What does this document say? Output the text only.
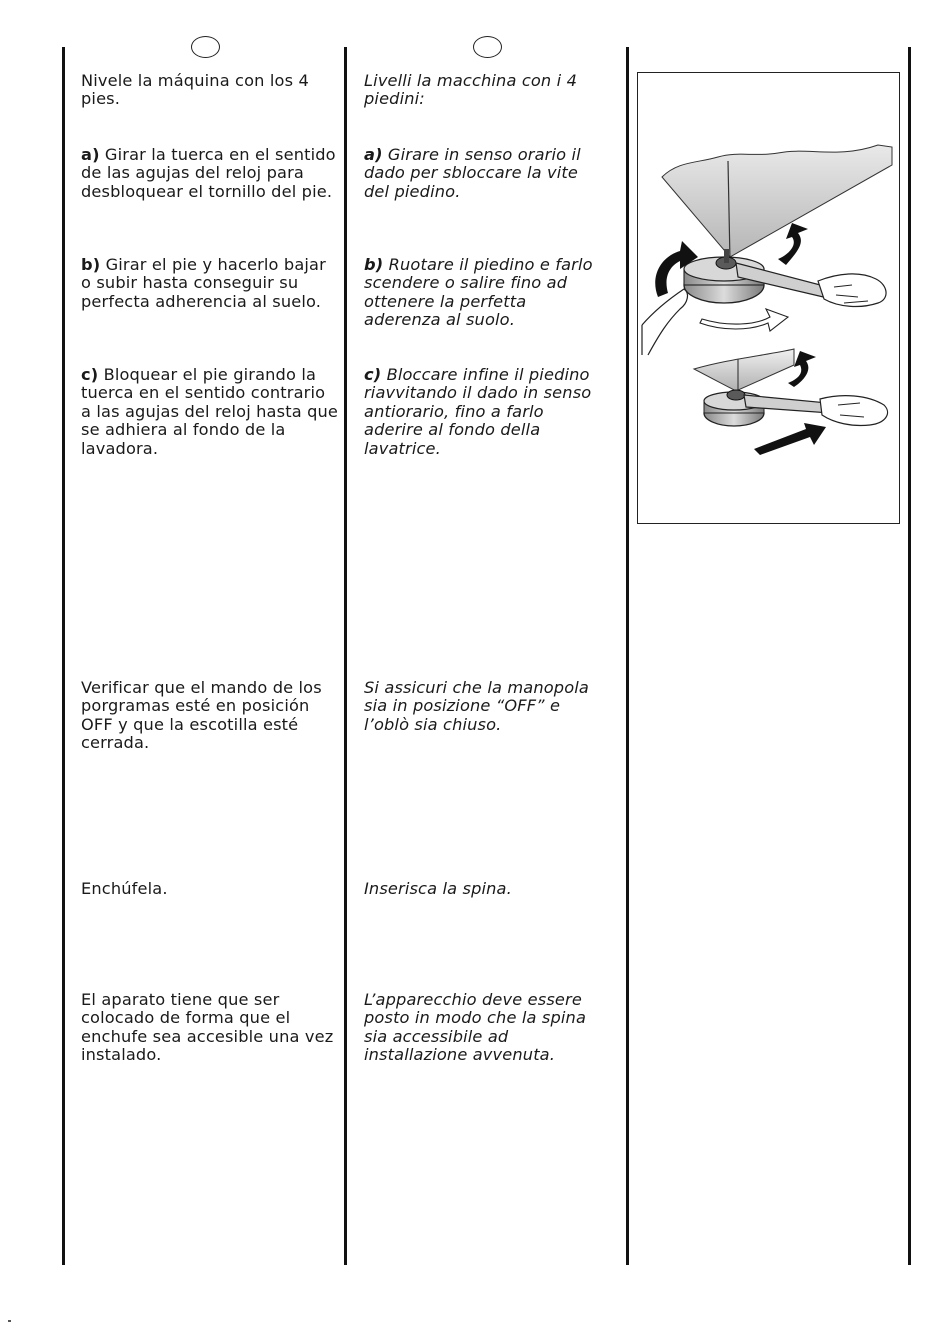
Nivele la máquina con los 4 pies.

a) Girar la tuerca en el sentido de las agujas del reloj para desbloquear el tornillo del pie.

b) Girar el pie y hacerlo bajar o subir hasta conseguir su perfecta adherencia al suelo.

c) Bloquear el pie girando la tuerca en el sentido contrario a las agujas del reloj hasta que se adhiera al fondo de la lavadora.

Verificar que el mando de los porgramas esté en posición OFF y que la escotilla esté cerrada.

Enchúfela.

El aparato tiene que ser colocado de forma que el enchufe sea accesible una vez instalado.

Livelli la macchina con i 4 piedini:

a) Girare in senso orario il dado per sbloccare la vite del piedino.

b) Ruotare il piedino e farlo scendere o salire fino ad ottenere la perfetta aderenza al suolo.

c) Bloccare infine il piedino riavvitando il dado in senso antiorario, fino a farlo aderire al fondo della lavatrice.

Si assicuri che la manopola sia in posizione “OFF” e l’oblò sia chiuso.

Inserisca la spina.

L’apparecchio deve essere posto in modo che la spina sia accessibile ad installazione avvenuta.
